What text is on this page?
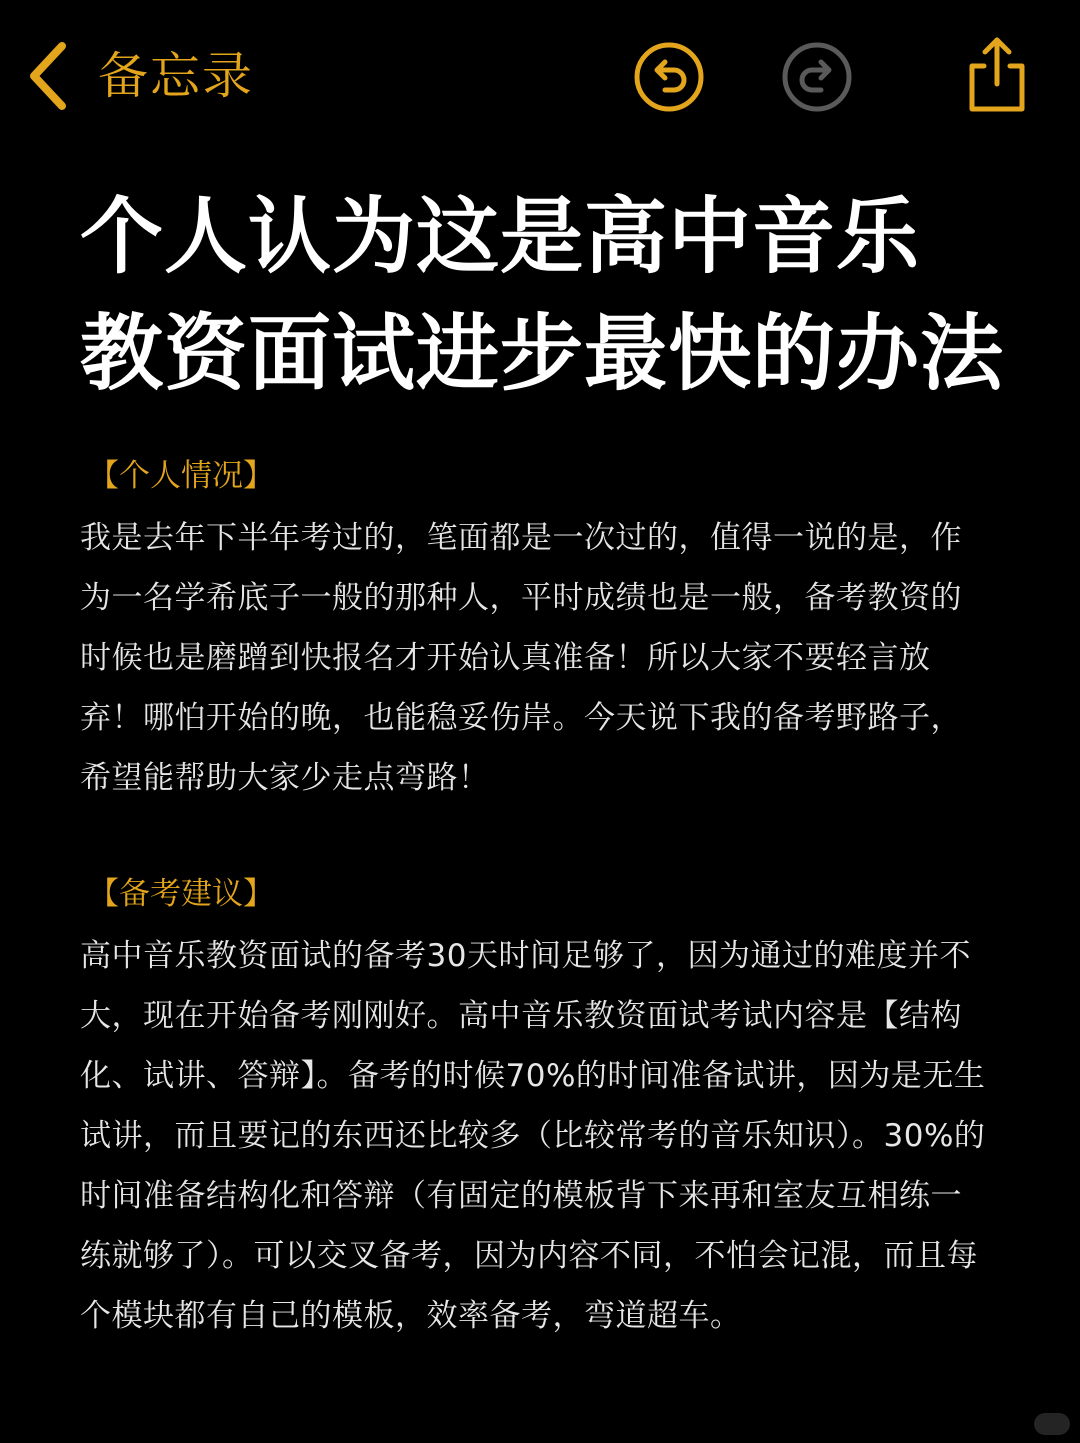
备忘录
个人认为这是高中音乐
教资面试进步最快的办法

【个人情况】

我是去年下半年考过的，笔面都是一次过的，值得一说的是，作为一名学希底子一般的那种人，平时成绩也是一般，备考教资的时候也是磨蹭到快报名才开始认真准备！所以大家不要轻言放弃！哪怕开始的晚，也能稳妥伤岸。今天说下我的备考野路子，希望能帮助大家少走点弯路！

【备考建议】

高中音乐教资面试的备考30天时间足够了，因为通过的难度并不大，现在开始备考刚刚好。高中音乐教资面试考试内容是【结构化、试讲、答辩】。备考的时候70%的时间准备试讲，因为是无生试讲，而且要记的东西还比较多（比较常考的音乐知识）。30%的时间准备结构化和答辩（有固定的模板背下来再和室友互相练一练就够了）。可以交叉备考，因为内容不同，不怕会记混，而且每个模块都有自己的模板，效率备考，弯道超车。
